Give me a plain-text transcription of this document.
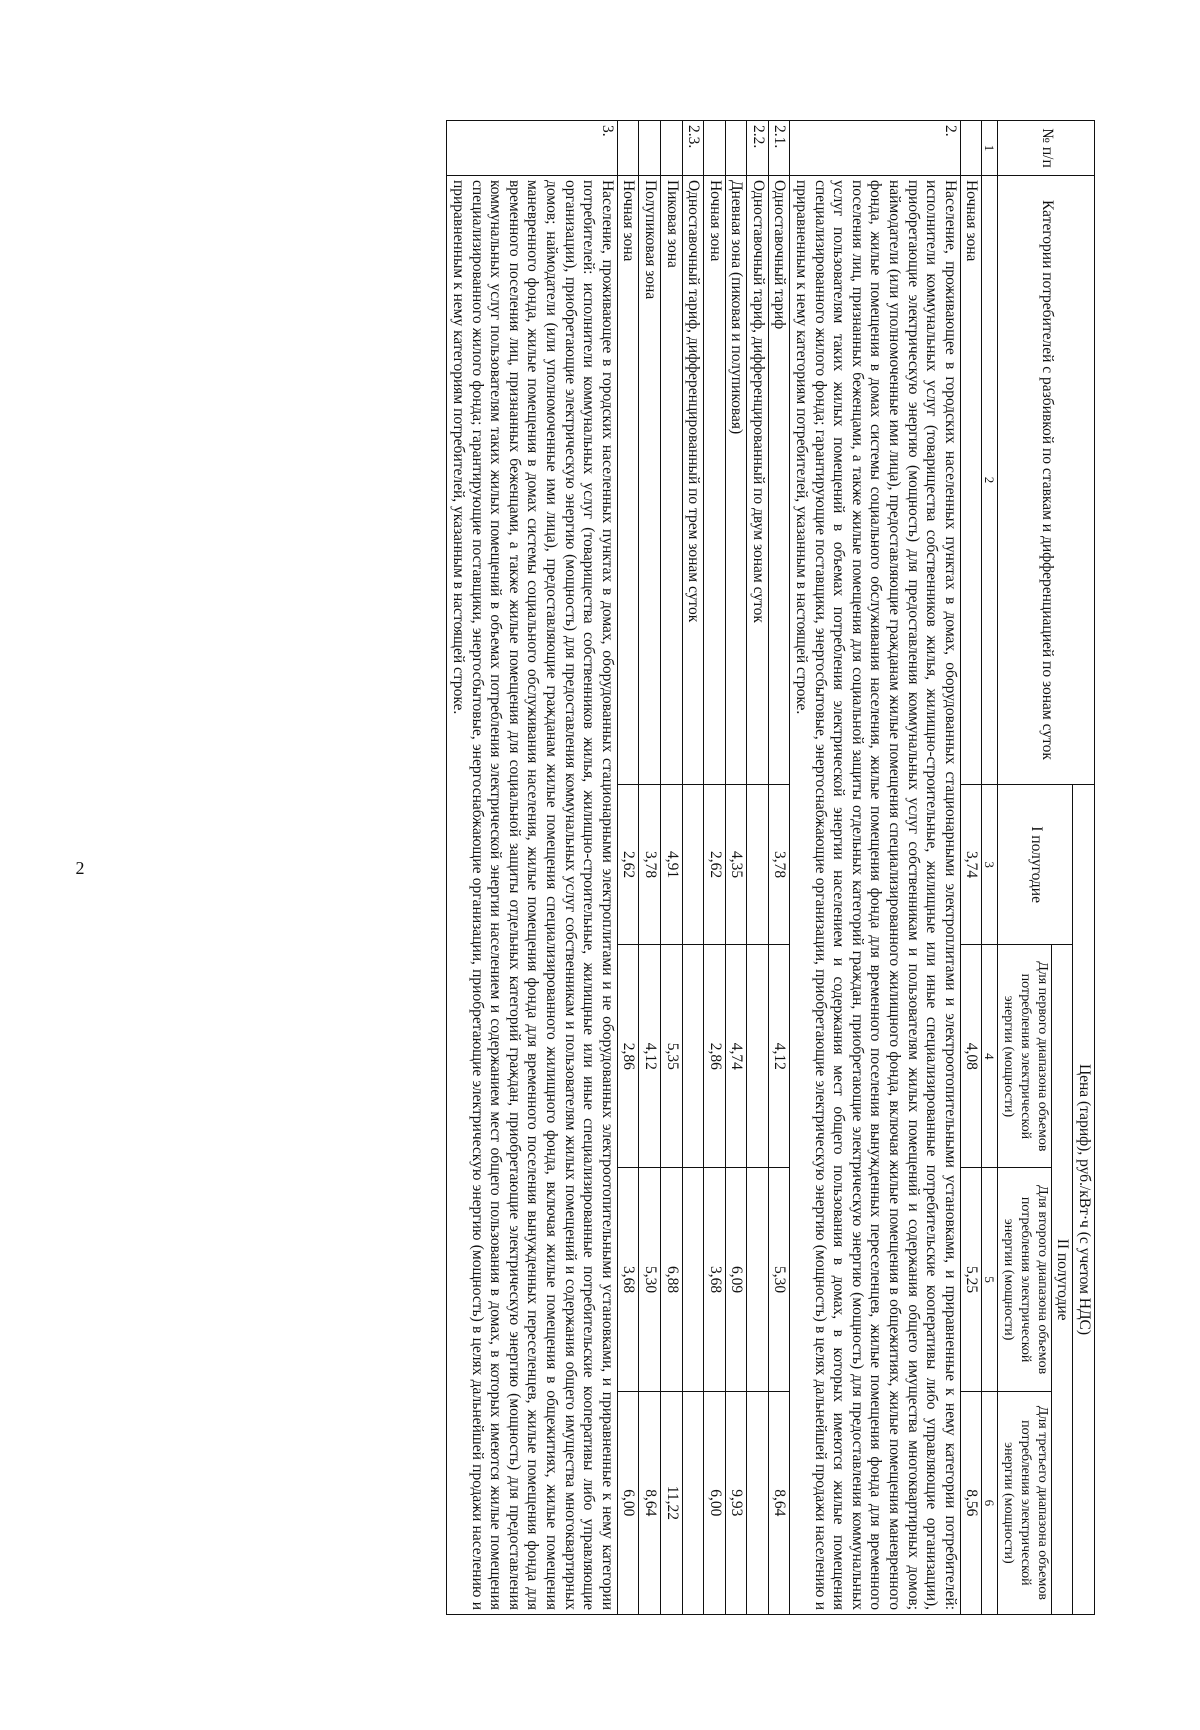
2
№ п/п	Категории потребителей с разбивкой по ставкам и дифференциацией по зонам суток	Цена (тариф), руб./кВт·ч (с учетом НДС)			
		I полугодие	II полугодие		
			Для первого диапазона объемов потребления электрической энергии (мощности)	Для второго диапазона объемов потребления электрической энергии (мощности)	Для третьего диапазона объемов потребления электрической энергии (мощности)
1	2	3	4	5	6
	Ночная зона	3,74	4,08	5,25	8,56
2.	Население, проживающее в городских населенных пунктах в домах, оборудованных стационарными электроплитами и электроотопительными установками, и приравненные к нему категории потребителей: исполнители коммунальных услуг (товарищества собственников жилья, жилищно-строительные, жилищные или иные специализированные потребительские кооперативы либо управляющие организации), приобретающие электрическую энергию (мощность) для предоставления коммунальных услуг собственникам и пользователям жилых помещений и содержания общего имущества многоквартирных домов; наймодатели (или уполномоченные ими лица), предоставляющие гражданам жилые помещения специализированного жилищного фонда, включая жилые помещения в общежитиях, жилые помещения маневренного фонда, жилые помещения в домах системы социального обслуживания населения, жилые помещения фонда для временного поселения вынужденных переселенцев, жилые помещения фонда для временного поселения лиц, признанных беженцами, а также жилые помещения для социальной защиты отдельных категорий граждан, приобретающие электрическую энергию (мощность) для предоставления коммунальных услуг пользователям таких жилых помещений в объемах потребления электрической энергии населением и содержания мест общего пользования в домах, в которых имеются жилые помещения специализированного жилого фонда; гарантирующие поставщики, энергосбытовые, энергоснабжающие организации, приобретающие электрическую энергию (мощность) в целях дальнейшей продажи населению и приравненным к нему категориям потребителей, указанным в настоящей строке.				
2.1.	Одноставочный тариф	3,78	4,12	5,30	8,64
2.2.	Одноставочный тариф, дифференцированный по двум зонам суток				
	Дневная зона (пиковая и полупиковая)	4,35	4,74	6,09	9,93
	Ночная зона	2,62	2,86	3,68	6,00
2.3.	Одноставочный тариф, дифференцированный по трем зонам суток				
	Пиковая зона	4,91	5,35	6,88	11,22
	Полупиковая зона	3,78	4,12	5,30	8,64
	Ночная зона	2,62	2,86	3,68	6,00
3.	Население, проживающее в городских населенных пунктах в домах, оборудованных стационарными электроплитами и не оборудованных электроотопительными установками, и приравненные к нему категории потребителей: исполнители коммунальных услуг (товарищества собственников жилья, жилищно-строительные, жилищные или иные специализированные потребительские кооперативы либо управляющие организации), приобретающие электрическую энергию (мощность) для предоставления коммунальных услуг собственникам и пользователям жилых помещений и содержания общего имущества многоквартирных домов; наймодатели (или уполномоченные ими лица), предоставляющие гражданам жилые помещения специализированного жилищного фонда, включая жилые помещения в общежитиях, жилые помещения маневренного фонда, жилые помещения в домах системы социального обслуживания населения, жилые помещения фонда для временного поселения вынужденных переселенцев, жилые помещения фонда для временного поселения лиц, признанных беженцами, а также жилые помещения для социальной защиты отдельных категорий граждан, приобретающие электрическую энергию (мощность) для предоставления коммунальных услуг пользователям таких жилых помещений в объемах потребления электрической энергии населением и содержанием мест общего пользования в домах, в которых имеются жилые помещения специализированного жилого фонда; гарантирующие поставщики, энергосбытовые, энергоснабжающие организации, приобретающие электрическую энергию (мощность) в целях дальнейшей продажи населению и приравненным к нему категориям потребителей, указанным в настоящей строке.				
